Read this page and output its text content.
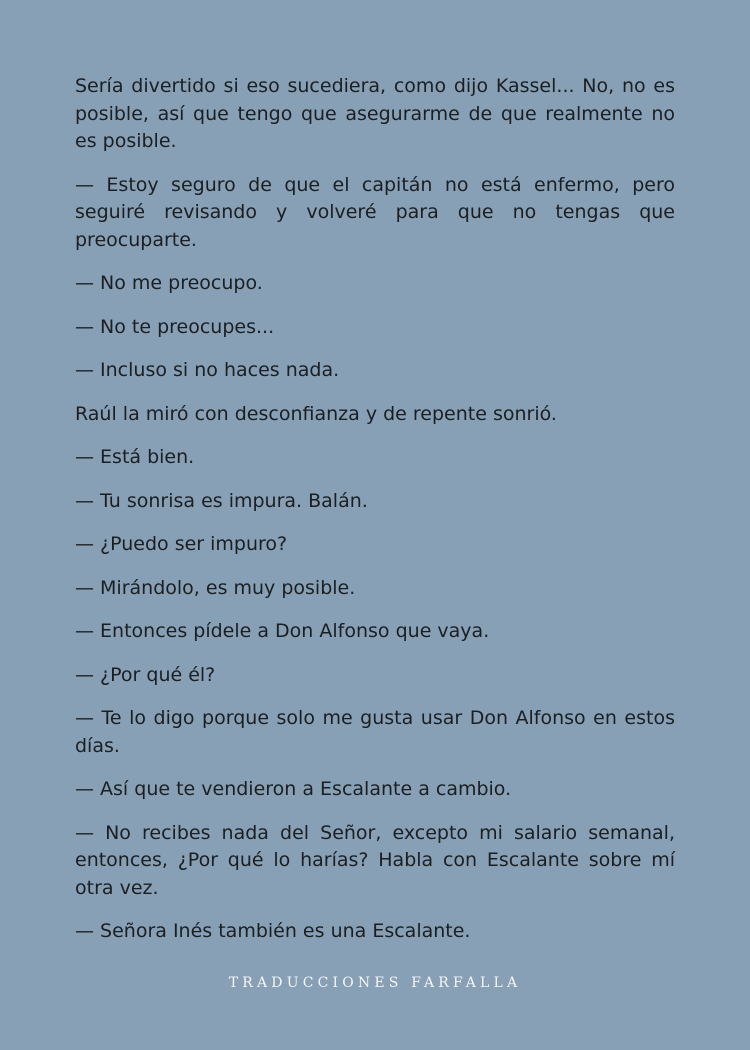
Sería divertido si eso sucediera, como dijo Kassel... No, no es posible, así que tengo que asegurarme de que realmente no es posible.

— Estoy seguro de que el capitán no está enfermo, pero seguiré revisando y volveré para que no tengas que preocuparte.

— No me preocupo.

— No te preocupes...

— Incluso si no haces nada.

Raúl la miró con desconfianza y de repente sonrió.

— Está bien.

— Tu sonrisa es impura. Balán.

— ¿Puedo ser impuro?

— Mirándolo, es muy posible.

— Entonces pídele a Don Alfonso que vaya.

— ¿Por qué él?

— Te lo digo porque solo me gusta usar Don Alfonso en estos días.

— Así que te vendieron a Escalante a cambio.

— No recibes nada del Señor, excepto mi salario semanal, entonces, ¿Por qué lo harías? Habla con Escalante sobre mí otra vez.

— Señora Inés también es una Escalante.

TRADUCCIONES FARFALLA
